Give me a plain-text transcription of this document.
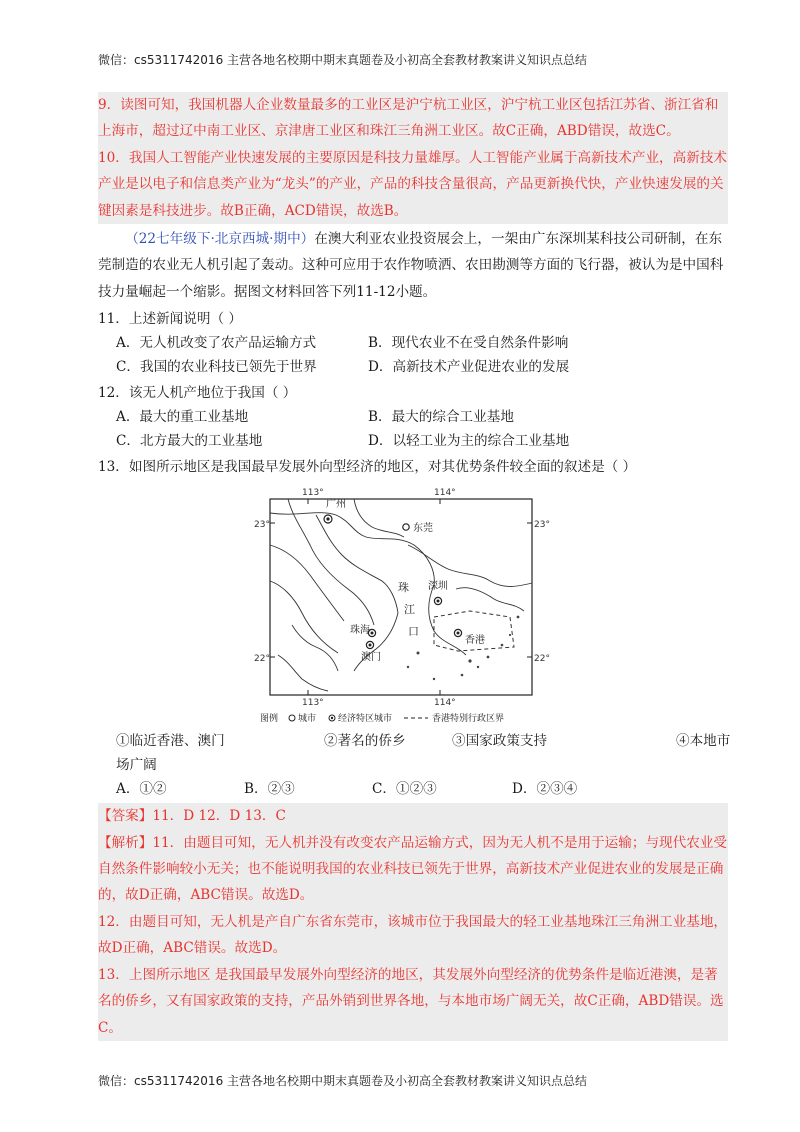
微信：cs5311742016 主营各地名校期中期末真题卷及小初高全套教材教案讲义知识点总结

9．读图可知，我国机器人企业数量最多的工业区是沪宁杭工业区，沪宁杭工业区包括江苏省、浙江省和上海市，超过辽中南工业区、京津唐工业区和珠江三角洲工业区。故C正确，ABD错误，故选C。

10．我国人工智能产业快速发展的主要原因是科技力量雄厚。人工智能产业属于高新技术产业，高新技术产业是以电子和信息类产业为“龙头”的产业，产品的科技含量很高，产品更新换代快，产业快速发展的关键因素是科技进步。故B正确，ACD错误，故选B。

（22七年级下·北京西城·期中）在澳大利亚农业投资展会上，一架由广东深圳某科技公司研制，在东莞制造的农业无人机引起了轰动。这种可应用于农作物喷洒、农田勘测等方面的飞行器，被认为是中国科技力量崛起一个缩影。据图文材料回答下列11-12小题。

11．上述新闻说明（ ）

A．无人机改变了农产品运输方式	B．现代农业不在受自然条件影响
C．我国的农业科技已领先于世界	D．高新技术产业促进农业的发展

12．该无人机产地位于我国（ ）

A．最大的重工业基地	B．最大的综合工业基地
C．北方最大的工业基地	D．以轻工业为主的综合工业基地

13．如图所示地区是我国最早发展外向型经济的地区，对其优势条件较全面的叙述是（ ）

113°	114°
113°	114°
23°	23°
22°	22°
广州
东莞
深圳
珠海
澳门
香港
珠
江
口
图例 城市 经济特区城市	香港特别行政区界
①临近香港、澳门	②著名的侨乡	③国家政策支持	④本地市
场广阔
A．①②	B．②③	C．①②③	D．②③④

【答案】11．D 12．D 13．C

【解析】11．由题目可知，无人机并没有改变农产品运输方式，因为无人机不是用于运输；与现代农业受自然条件影响较小无关；也不能说明我国的农业科技已领先于世界，高新技术产业促进农业的发展是正确的，故D正确，ABC错误。故选D。

12．由题目可知，无人机是产自广东省东莞市，该城市位于我国最大的轻工业基地珠江三角洲工业基地，故D正确，ABC错误。故选D。

13．上图所示地区 是我国最早发展外向型经济的地区，其发展外向型经济的优势条件是临近港澳，是著名的侨乡，又有国家政策的支持，产品外销到世界各地，与本地市场广阔无关，故C正确，ABD错误。选C。

微信：cs5311742016 主营各地名校期中期末真题卷及小初高全套教材教案讲义知识点总结
